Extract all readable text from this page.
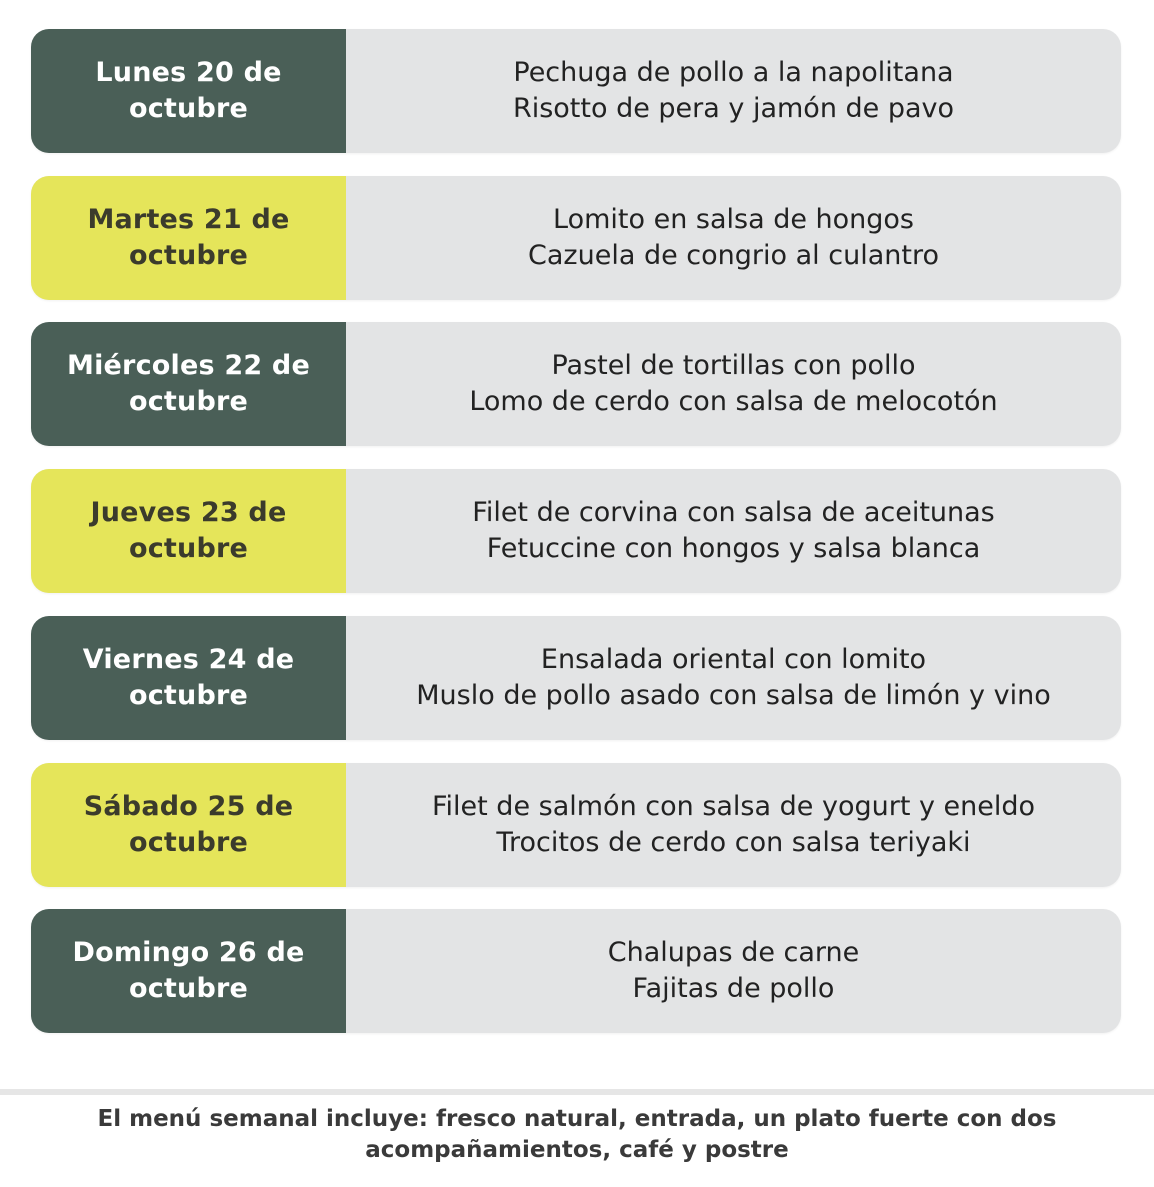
Lunes 20 de octubre
Pechuga de pollo a la napolitana
Risotto de pera y jamón de pavo
Martes 21 de octubre
Lomito en salsa de hongos
Cazuela de congrio al culantro
Miércoles 22 de octubre
Pastel de tortillas con pollo
Lomo de cerdo con salsa de melocotón
Jueves 23 de octubre
Filet de corvina con salsa de aceitunas
Fetuccine con hongos y salsa blanca
Viernes 24 de octubre
Ensalada oriental con lomito
Muslo de pollo asado con salsa de limón y vino
Sábado 25 de octubre
Filet de salmón con salsa de yogurt y eneldo
Trocitos de cerdo con salsa teriyaki
Domingo 26 de octubre
Chalupas de carne
Fajitas de pollo
El menú semanal incluye: fresco natural, entrada, un plato fuerte con dos acompañamientos, café y postre
